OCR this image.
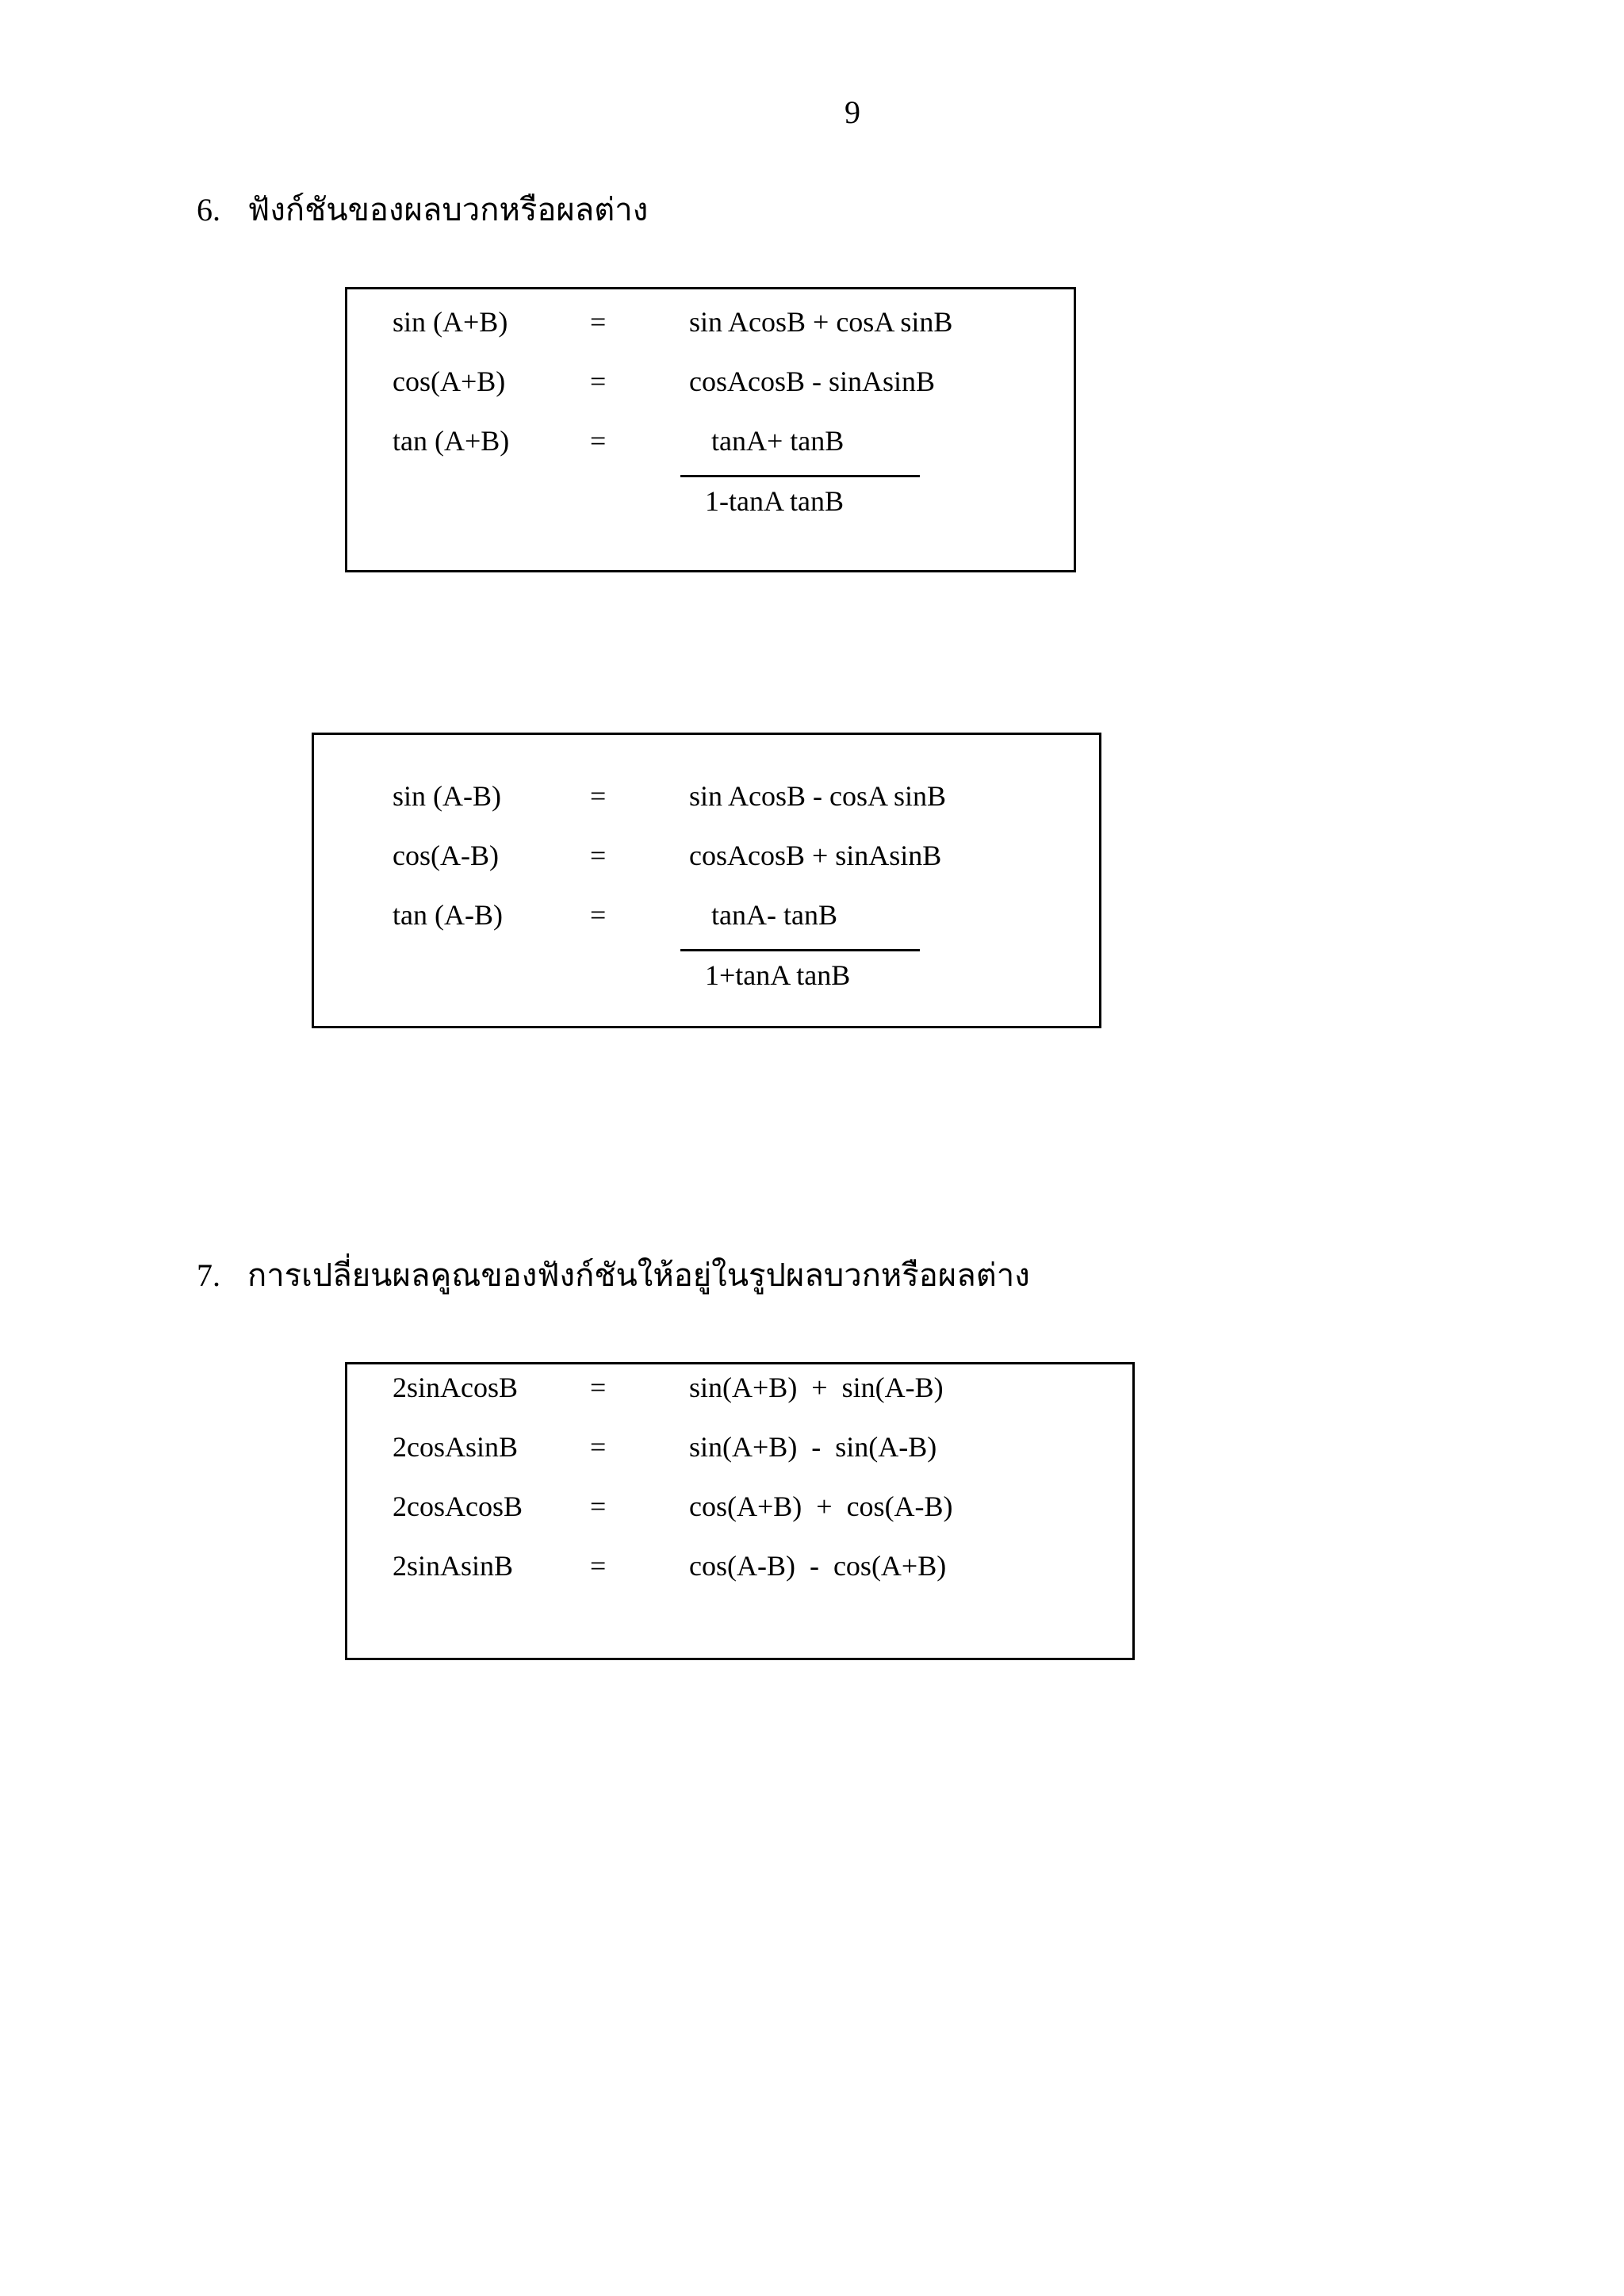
9
6. ฟังก์ชันของผลบวกหรือผลต่าง
sin (A+B)	=	sin AcosB + cosA sinB
cos(A+B)	=	cosAcosB - sinAsinB
tan (A+B)	=	tanA+ tanB
1-tanA tanB
sin (A-B)	=	sin AcosB - cosA sinB
cos(A-B)	=	cosAcosB + sinAsinB
tan (A-B)	=	tanA- tanB
1+tanA tanB
7. การเปลี่ยนผลคูณของฟังก์ชันให้อยู่ในรูปผลบวกหรือผลต่าง
2sinAcosB	=	sin(A+B)  +  sin(A-B)
2cosAsinB	=	sin(A+B)  -  sin(A-B)
2cosAcosB =	cos(A+B)  +  cos(A-B)
2sinAsinB	=	cos(A-B)  -  cos(A+B)
